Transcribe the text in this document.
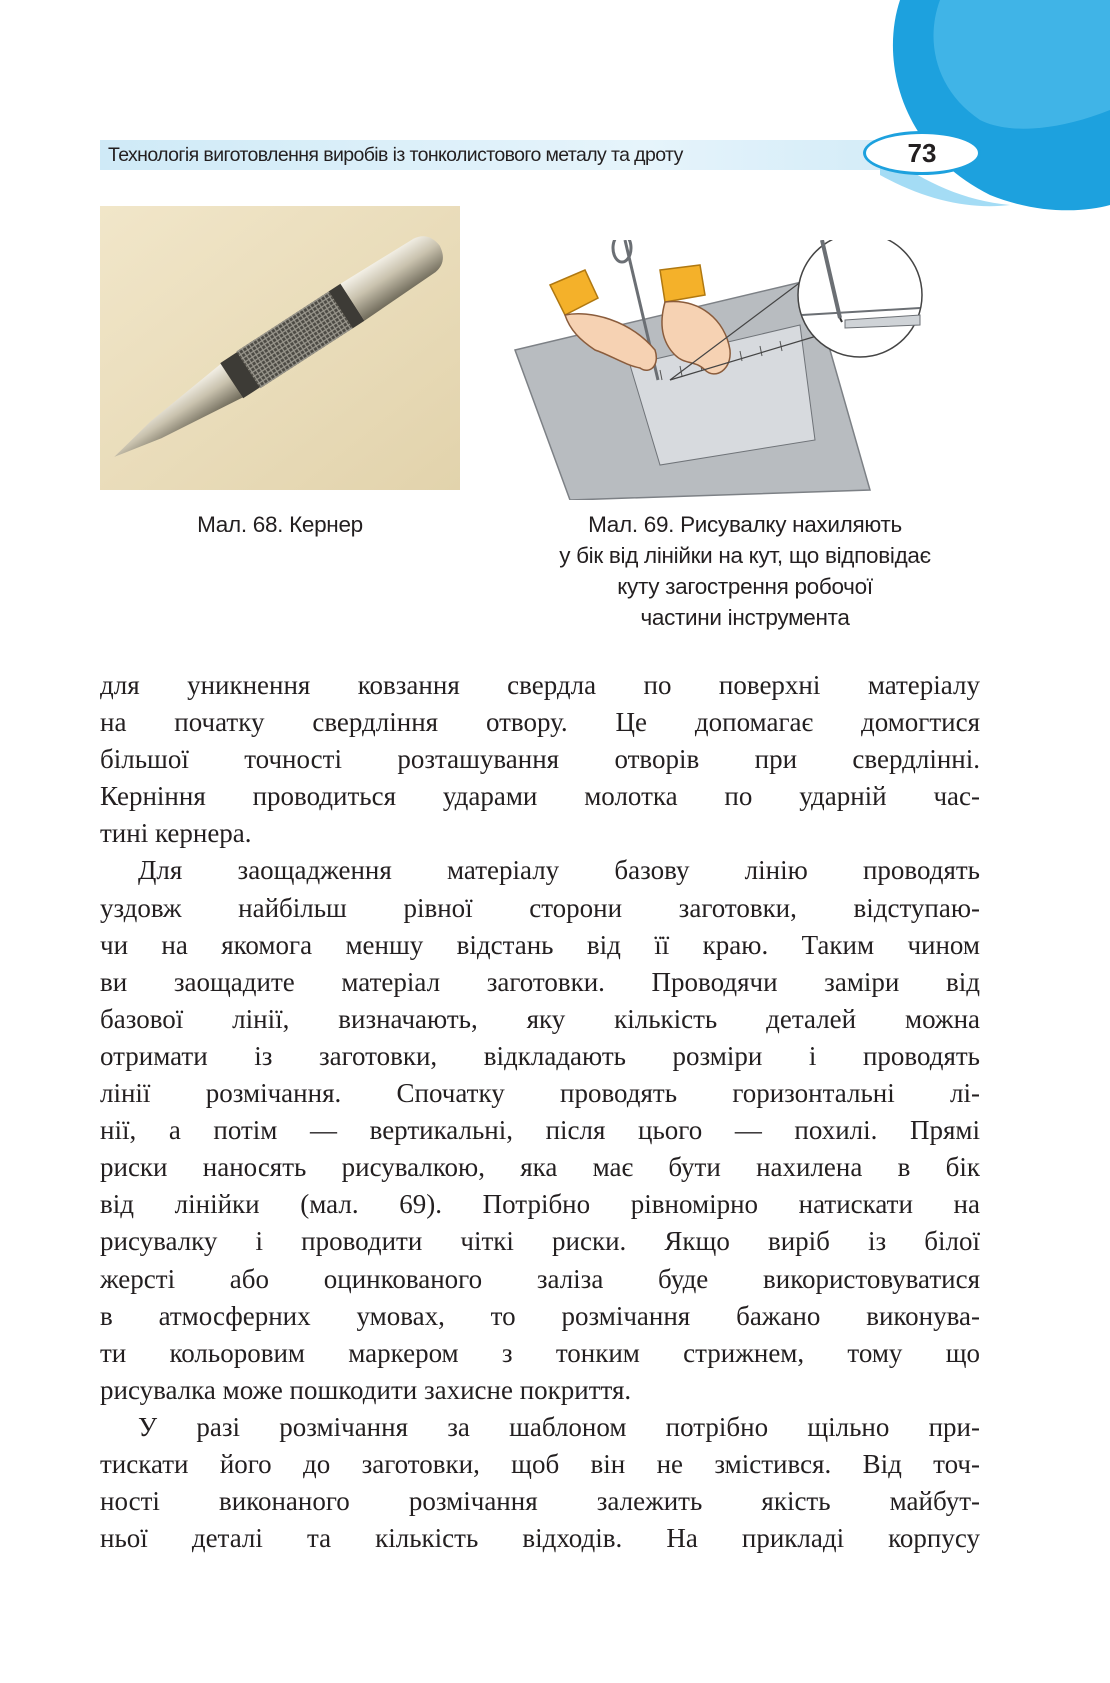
Технологія виготовлення виробів із тонколистового металу та дроту	73
Мал. 68. Кернер	Мал. 69. Рисувалку нахиляють
у бік від лінійки на кут, що відповідає
куту загострення робочої
частини інструмента

для уникнення ковзання свердла по поверхні матеріалу
на початку свердління отвору. Це допомагає домогтися
більшої точності розташування отворів при свердлінні.
Керніння проводиться ударами молотка по ударній час-
тині кернера.

Для заощадження матеріалу базову лінію проводять
уздовж найбільш рівної сторони заготовки, відступаю-
чи на якомога меншу відстань від її краю. Таким чином
ви заощадите матеріал заготовки. Проводячи заміри від
базової лінії, визначають, яку кількість деталей можна
отримати із заготовки, відкладають розміри і проводять
лінії розмічання. Спочатку проводять горизонтальні лі-
нії, а потім — вертикальні, після цього — похилі. Прямі
риски наносять рисувалкою, яка має бути нахилена в бік
від лінійки (мал. 69). Потрібно рівномірно натискати на
рисувалку і проводити чіткі риски. Якщо виріб із білої
жерсті або оцинкованого заліза буде використовуватися
в атмосферних умовах, то розмічання бажано виконува-
ти кольоровим маркером з тонким стрижнем, тому що
рисувалка може пошкодити захисне покриття.

У разі розмічання за шаблоном потрібно щільно при-
тискати його до заготовки, щоб він не змістився. Від точ-
ності виконаного розмічання залежить якість майбут-
ньої деталі та кількість відходів. На прикладі корпусу
